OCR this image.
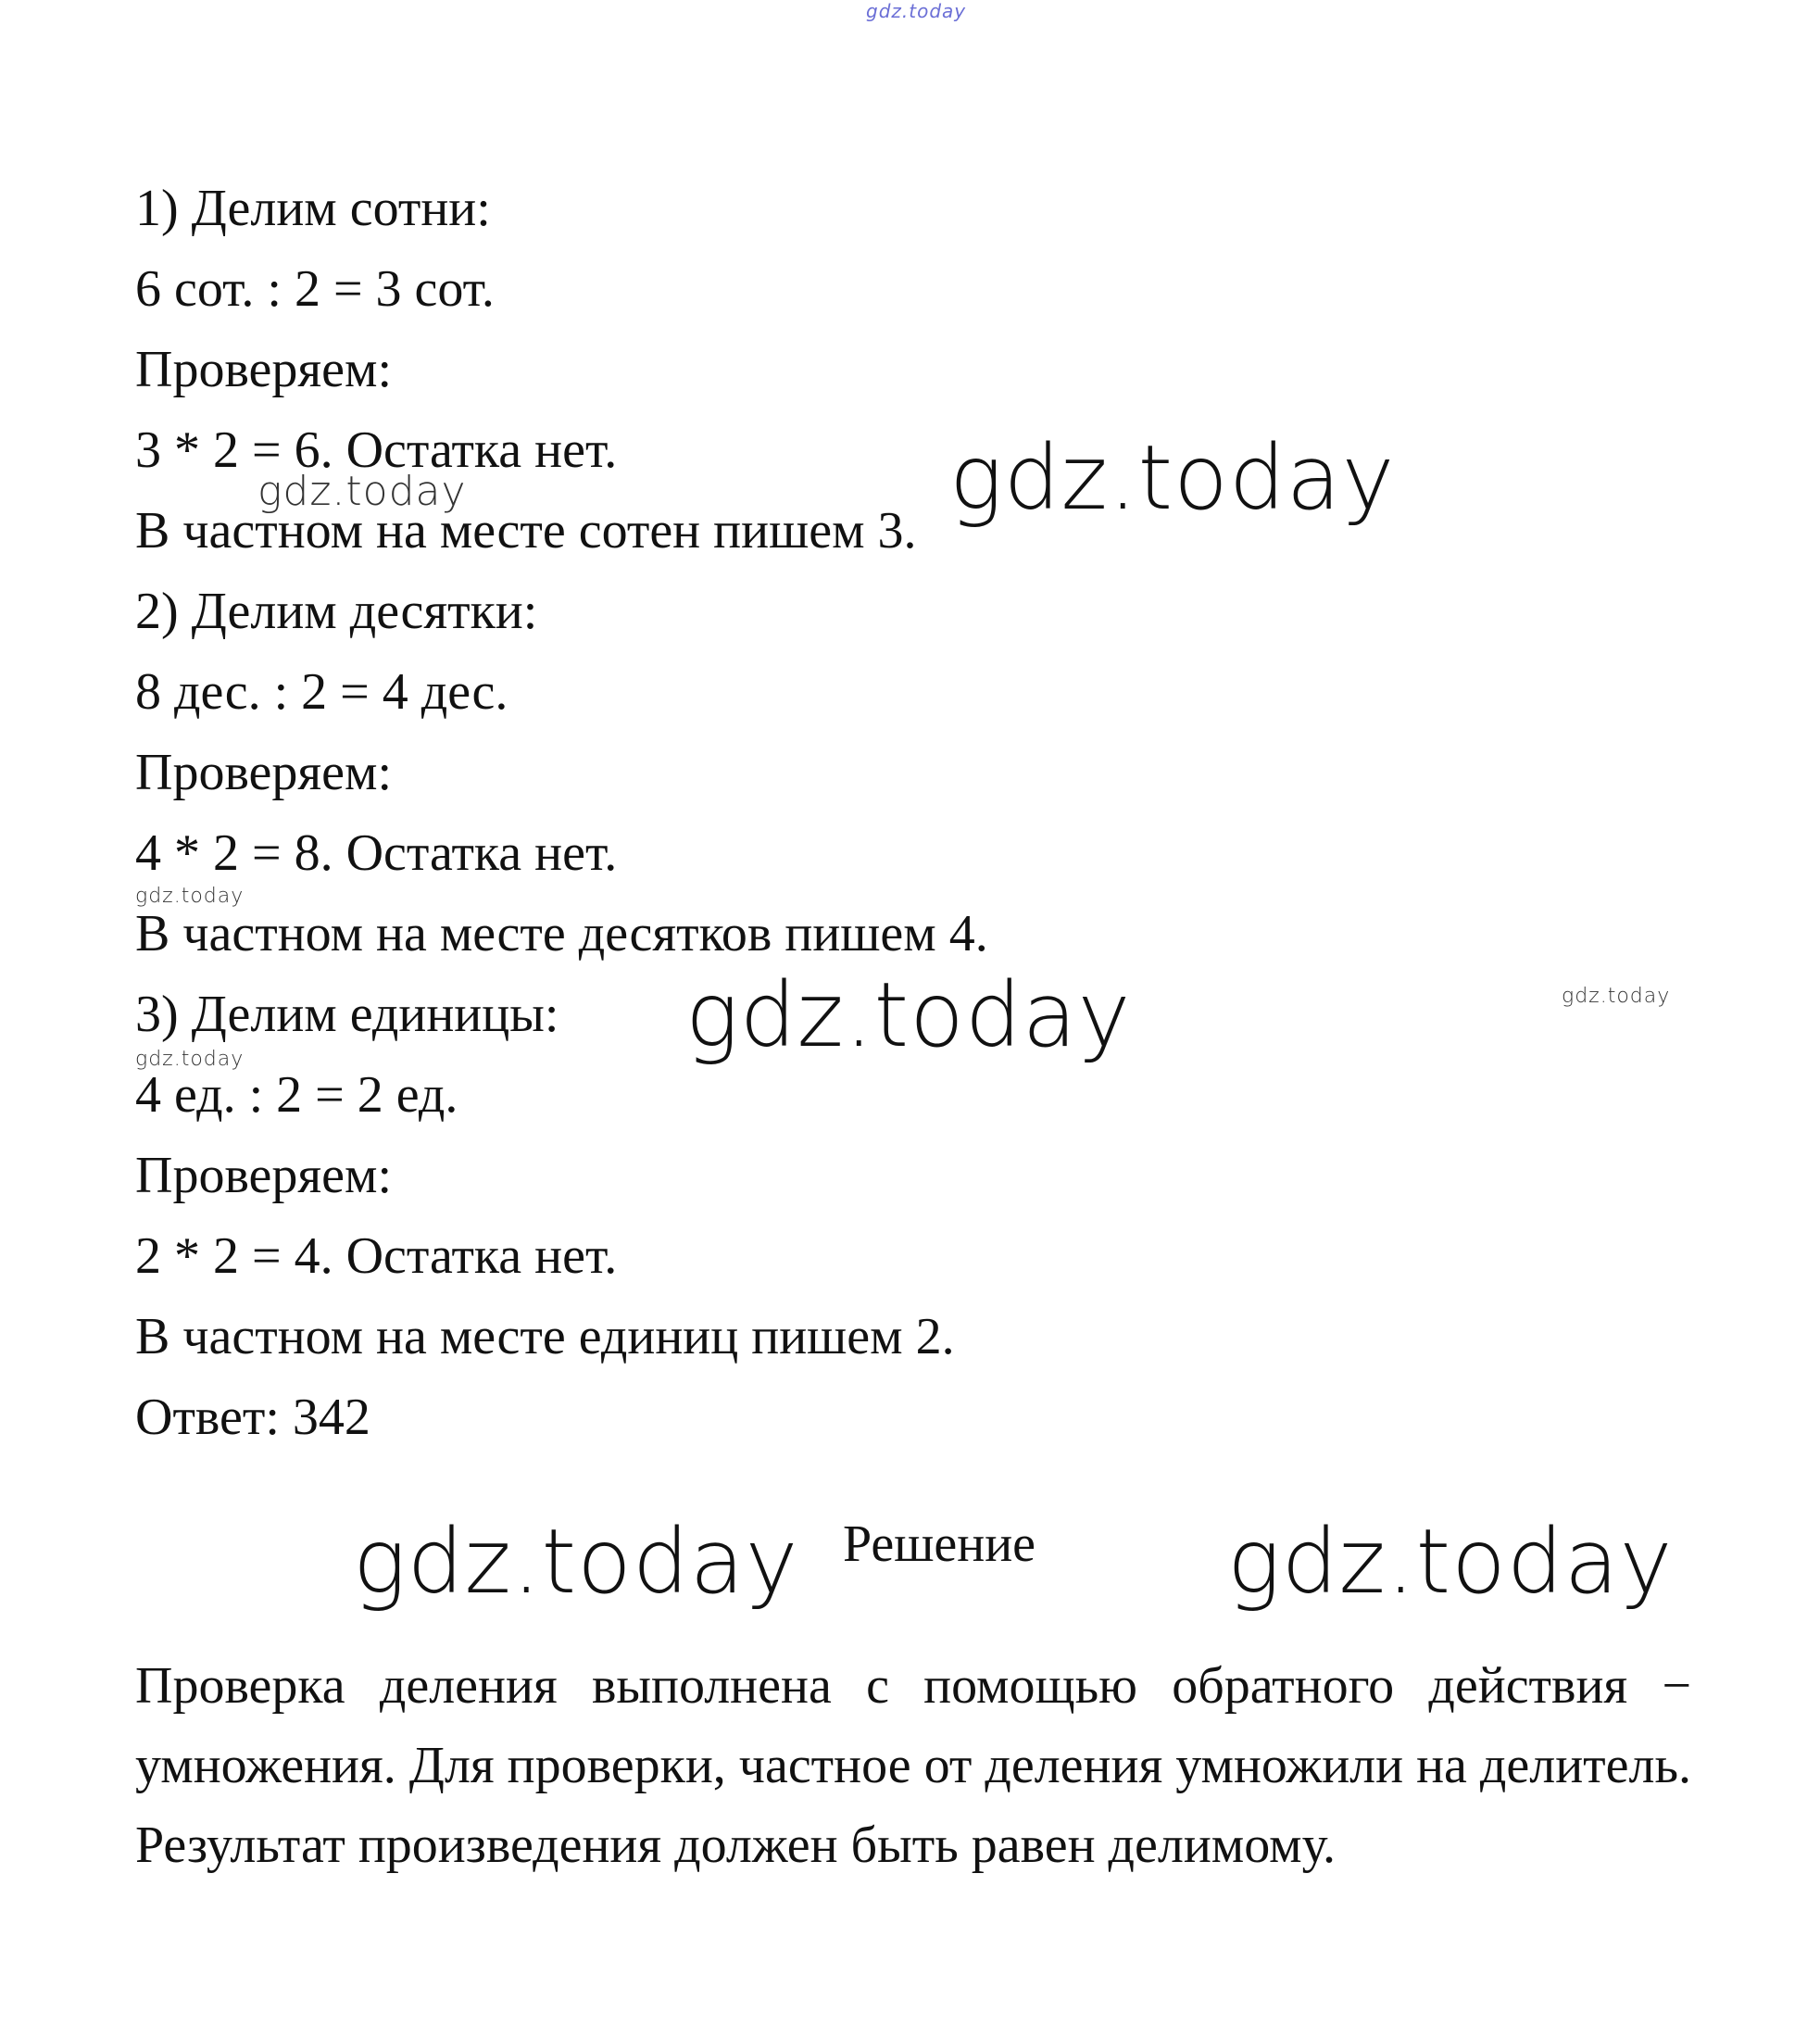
gdz.today
1) Делим сотни:
6 сот. : 2 = 3 сот.
Проверяем:
3 * 2 = 6. Остатка нет.
В частном на месте сотен пишем 3.
2) Делим десятки:
8 дес. : 2 = 4 дес.
Проверяем:
4 * 2 = 8. Остатка нет.
В частном на месте десятков пишем 4.
3) Делим единицы:
4 ед. : 2 = 2 ед.
Проверяем:
2 * 2 = 4. Остатка нет.
В частном на месте единиц пишем 2.
Ответ: 342
gdz.today	gdz.today
gdz.today
gdz.today
gdz.today
gdz.today
gdz.today Решение gdz.today
Проверка деления выполнена с помощью обратного действия − умножения. Для проверки, частное от деления умножили на делитель. Результат произведения должен быть равен делимому.
